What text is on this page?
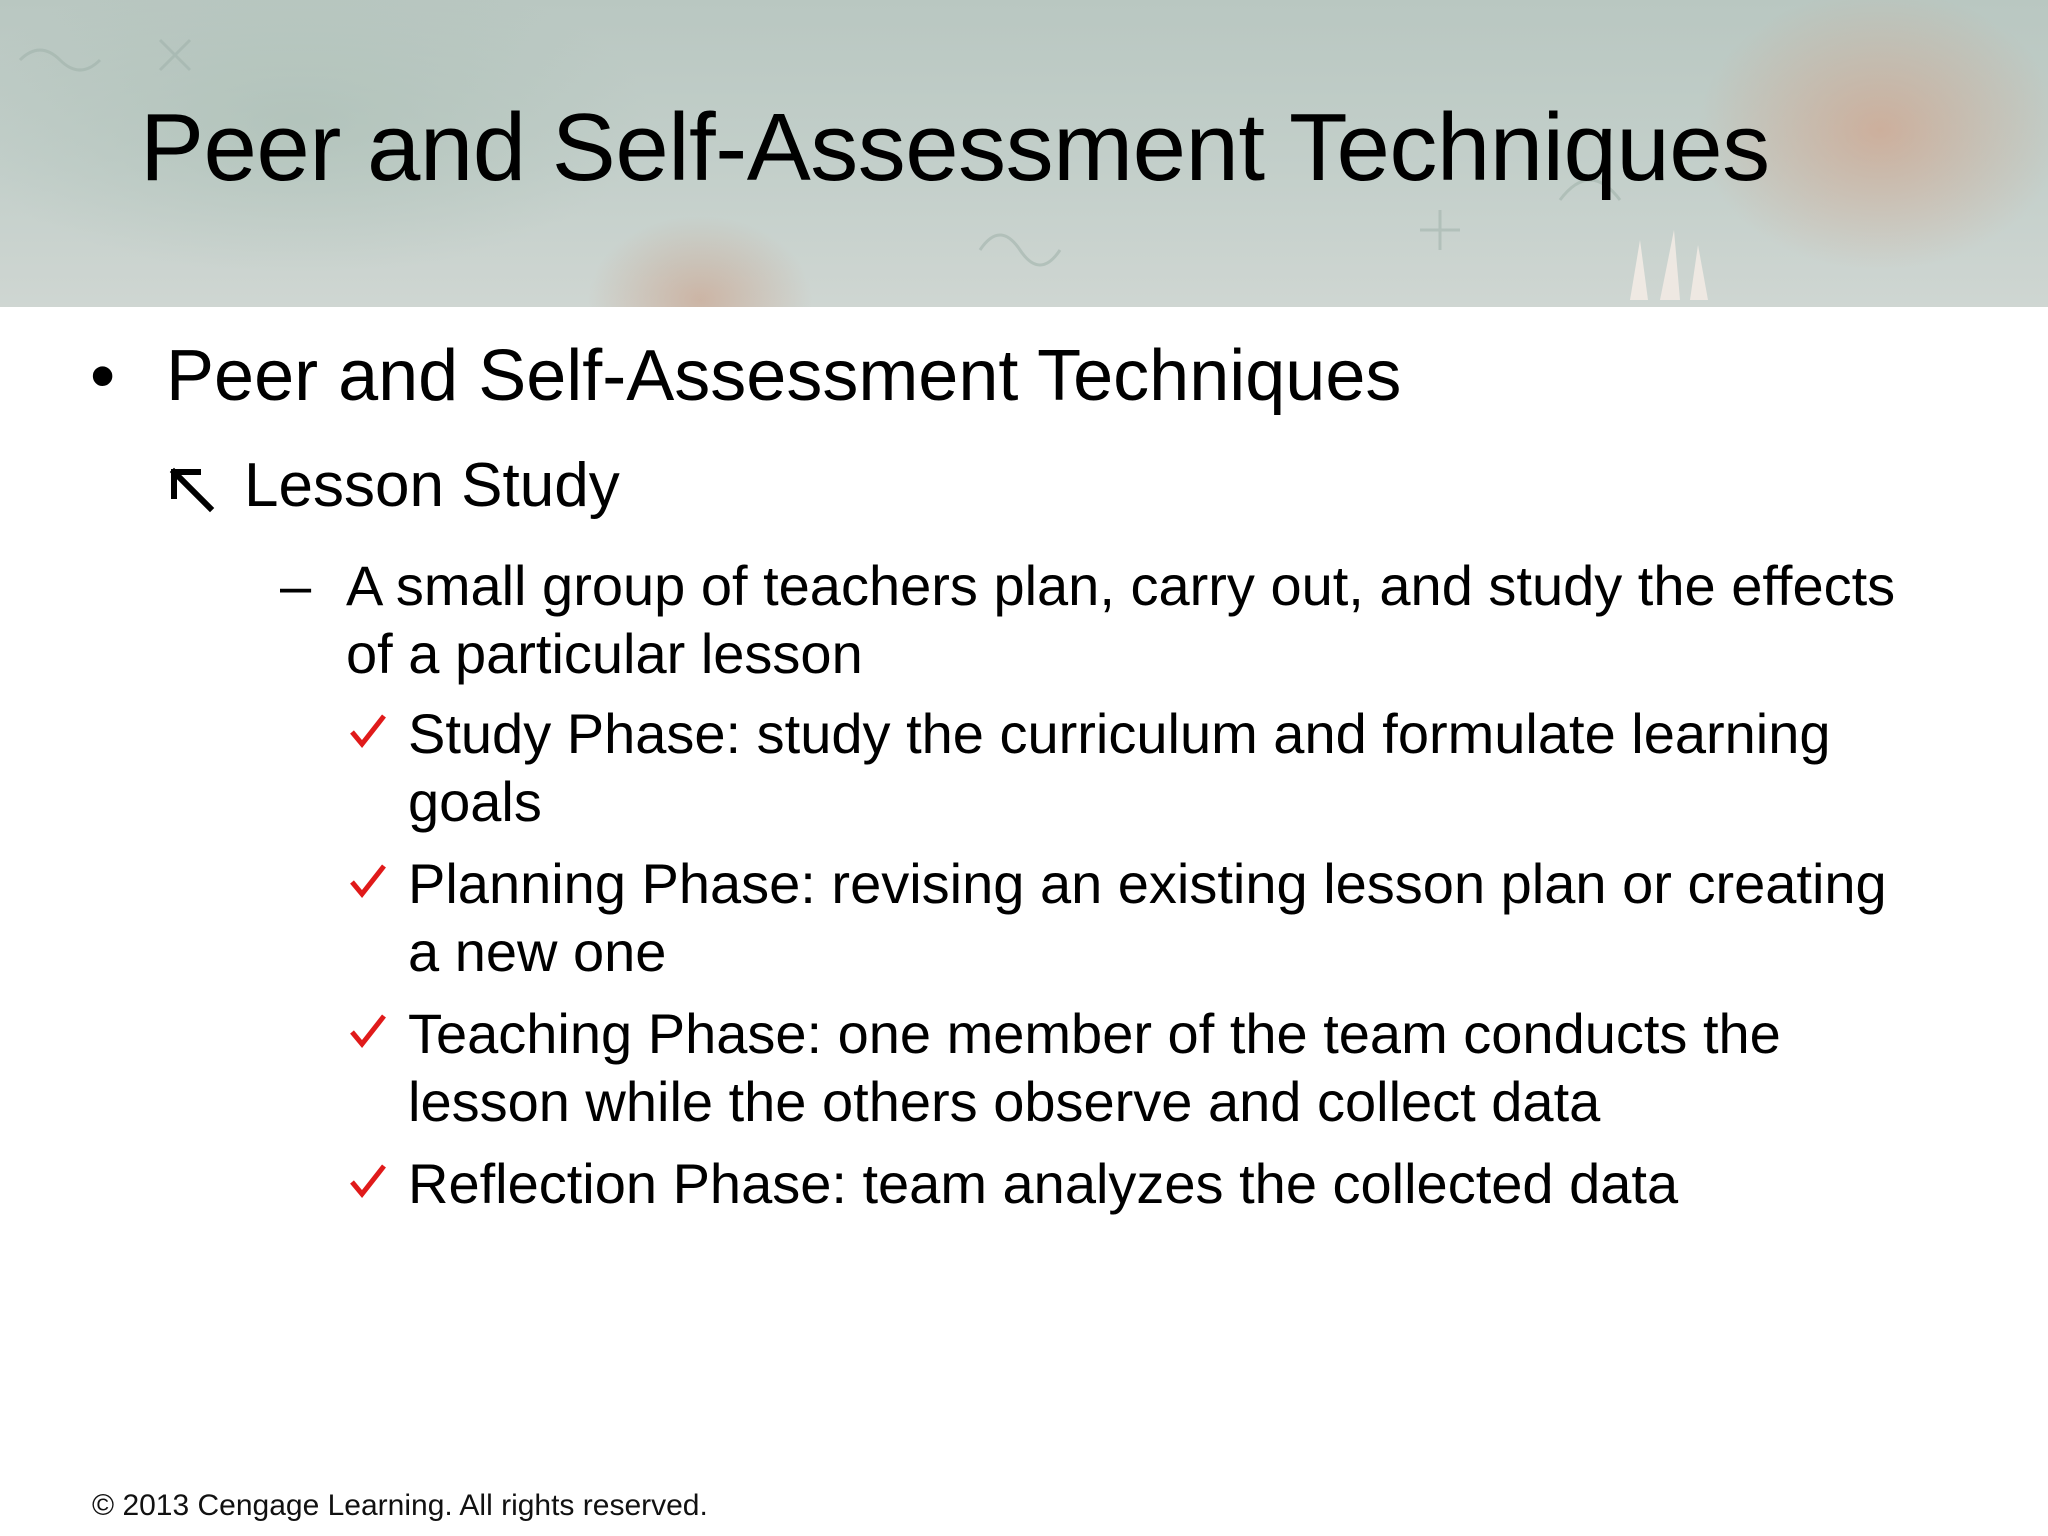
Peer and Self-Assessment Techniques
• Peer and Self-Assessment Techniques
Lesson Study
– A small group of teachers plan, carry out, and study the effects of a particular lesson
Study Phase: study the curriculum and formulate learning goals
Planning Phase: revising an existing lesson plan or creating a new one
Teaching Phase: one member of the team conducts the lesson while the others observe and collect data
Reflection Phase: team analyzes the collected data
© 2013 Cengage Learning. All rights reserved.
